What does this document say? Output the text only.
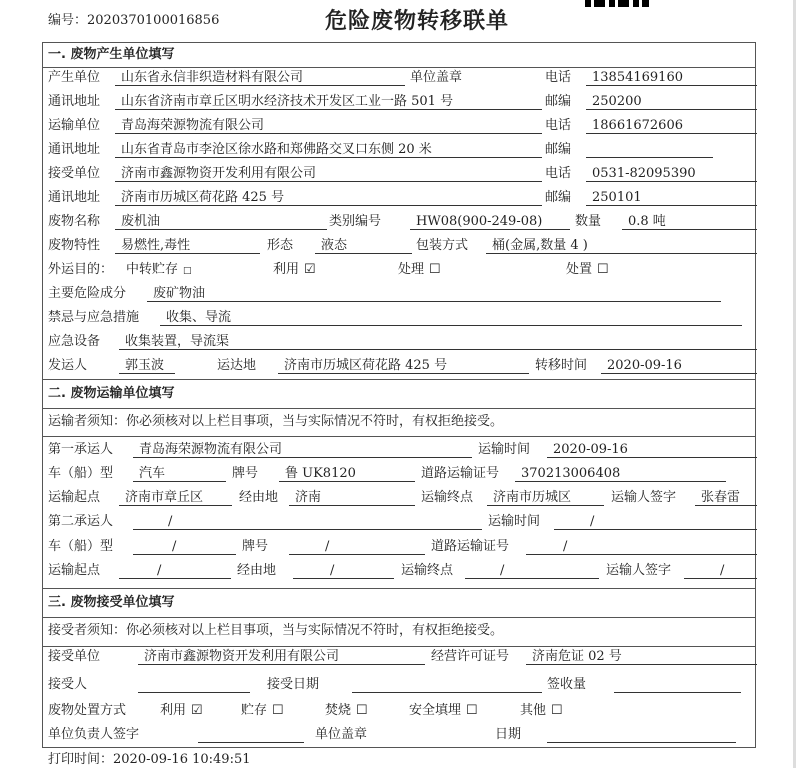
编号：2020370100016856	危险废物转移联单
一. 废物产生单位填写
产生单位	山东省永信非织造材料有限公司	单位盖章	电话	13854169160
通讯地址	山东省济南市章丘区明水经济技术开发区工业一路 501 号	邮编	250200
运输单位	青岛海荣源物流有限公司	电话	18661672606
通讯地址	山东省青岛市李沧区徐水路和郑佛路交叉口东侧 20 米	邮编
接受单位	济南市鑫源物资开发利用有限公司	电话	0531-82095390
通讯地址	济南市历城区荷花路 425 号	邮编	250101
废物名称	废机油	类别编号	HW08(900-249-08)	数量	0.8 吨
废物特性	易燃性,毒性	形态	液态	包装方式	桶(金属,数量 4 )
外运目的： 中转贮存 □	利用 ☑	处理 ☐	处置 ☐
主要危险成分	废矿物油
禁忌与应急措施	收集、导流
应急设备	收集装置，导流渠
发运人	郭玉波	运达地	济南市历城区荷花路 425 号	转移时间	2020-09-16
二. 废物运输单位填写
运输者须知：你必须核对以上栏目事项，当与实际情况不符时，有权拒绝接受。
第一承运人	青岛海荣源物流有限公司	运输时间	2020-09-16
车（船）型	汽车	牌号	鲁 UK8120	道路运输证号	370213006408
运输起点	济南市章丘区	经由地	济南	运输终点	济南市历城区	运输人签字	张春雷
第二承运人	/	运输时间	/
车（船）型	/	牌号	/	道路运输证号	/
运输起点	/	经由地	/	运输终点	/	运输人签字	/
三. 废物接受单位填写
接受者须知：你必须核对以上栏目事项，当与实际情况不符时，有权拒绝接受。
接受单位	济南市鑫源物资开发利用有限公司	经营许可证号	济南危证 02 号
接受人	接受日期	签收量
废物处置方式	利用 ☑	贮存 ☐	焚烧 ☐	安全填埋 ☐	其他 ☐
单位负责人签字	单位盖章	日期
打印时间：2020-09-16 10:49:51
